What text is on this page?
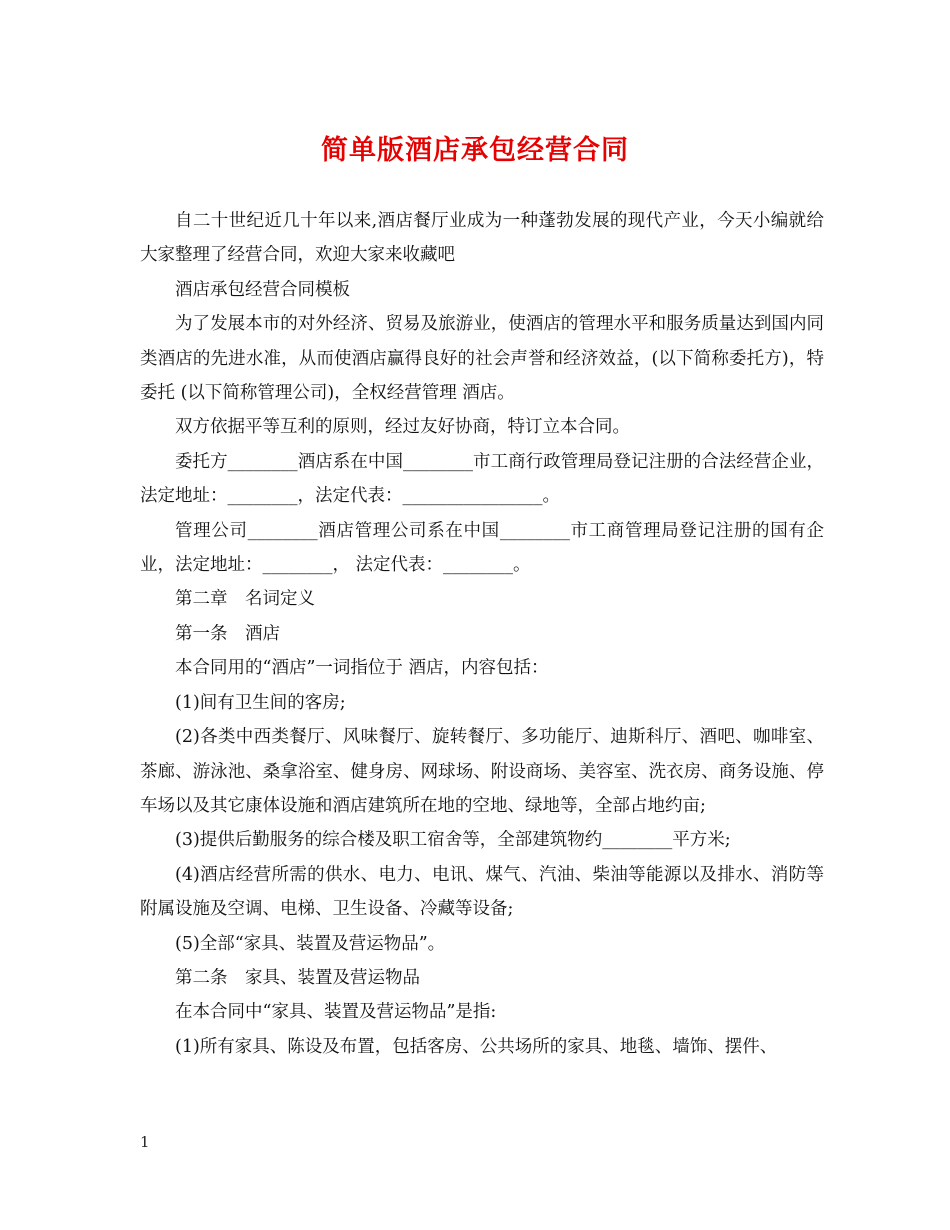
简单版酒店承包经营合同

自二十世纪近几十年以来,酒店餐厅业成为一种蓬勃发展的现代产业，今天小编就给大家整理了经营合同，欢迎大家来收藏吧

酒店承包经营合同模板

为了发展本市的对外经济、贸易及旅游业，使酒店的管理水平和服务质量达到国内同类酒店的先进水准，从而使酒店赢得良好的社会声誉和经济效益，(以下简称委托方)，特委托 (以下简称管理公司)，全权经营管理 酒店。

双方依据平等互利的原则，经过友好协商，特订立本合同。

委托方________酒店系在中国________市工商行政管理局登记注册的合法经营企业，法定地址：________，法定代表：________________。

管理公司________酒店管理公司系在中国________市工商管理局登记注册的国有企业，法定地址：________， 法定代表：________。

第二章　名词定义

第一条　酒店

本合同用的“酒店”一词指位于 酒店，内容包括：

(1)间有卫生间的客房;

(2)各类中西类餐厅、风味餐厅、旋转餐厅、多功能厅、迪斯科厅、酒吧、咖啡室、茶廊、游泳池、桑拿浴室、健身房、网球场、附设商场、美容室、洗衣房、商务设施、停车场以及其它康体设施和酒店建筑所在地的空地、绿地等，全部占地约亩;

(3)提供后勤服务的综合楼及职工宿舍等，全部建筑物约________平方米;

(4)酒店经营所需的供水、电力、电讯、煤气、汽油、柴油等能源以及排水、消防等附属设施及空调、电梯、卫生设备、冷藏等设备;

(5)全部“家具、装置及营运物品”。

第二条　家具、装置及营运物品

在本合同中“家具、装置及营运物品”是指:

(1)所有家具、陈设及布置，包括客房、公共场所的家具、地毯、墙饰、摆件、

1
